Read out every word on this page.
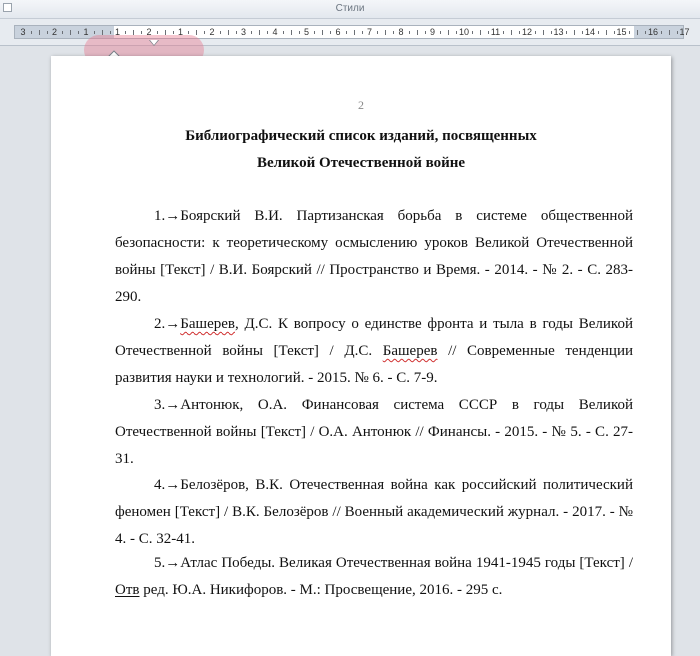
Стили
3	2	1	1	2	1	2	3	4	5	6	7	8	9	10 11 12 13 14 15 16 17
2
Библиографический список изданий, посвященных
Великой Отечественной войне
1.→Боярский В.И. Партизанская борьба в системе общественной безопасности: к теоретическому осмыслению уроков Великой Отечественной войны [Текст] / В.И. Боярский // Пространство и Время. - 2014. - № 2. - С. 283-290.
2.→Башерев, Д.С. К вопросу о единстве фронта и тыла в годы Великой Отечественной войны [Текст] / Д.С. Башерев // Современные тенденции развития науки и технологий. - 2015. № 6. - С. 7-9.
3.→Антонюк, О.А. Финансовая система СССР в годы Великой Отечественной войны [Текст] / О.А. Антонюк // Финансы. - 2015. - № 5. - С. 27-31.
4.→Белозёров, В.К. Отечественная война как российский политический феномен [Текст] / В.К. Белозёров // Военный академический журнал. - 2017. - № 4. - С. 32-41.
5.→Атлас Победы. Великая Отечественная война 1941-1945 годы [Текст] / Отв ред. Ю.А. Никифоров. - М.: Просвещение, 2016. - 295 с.
